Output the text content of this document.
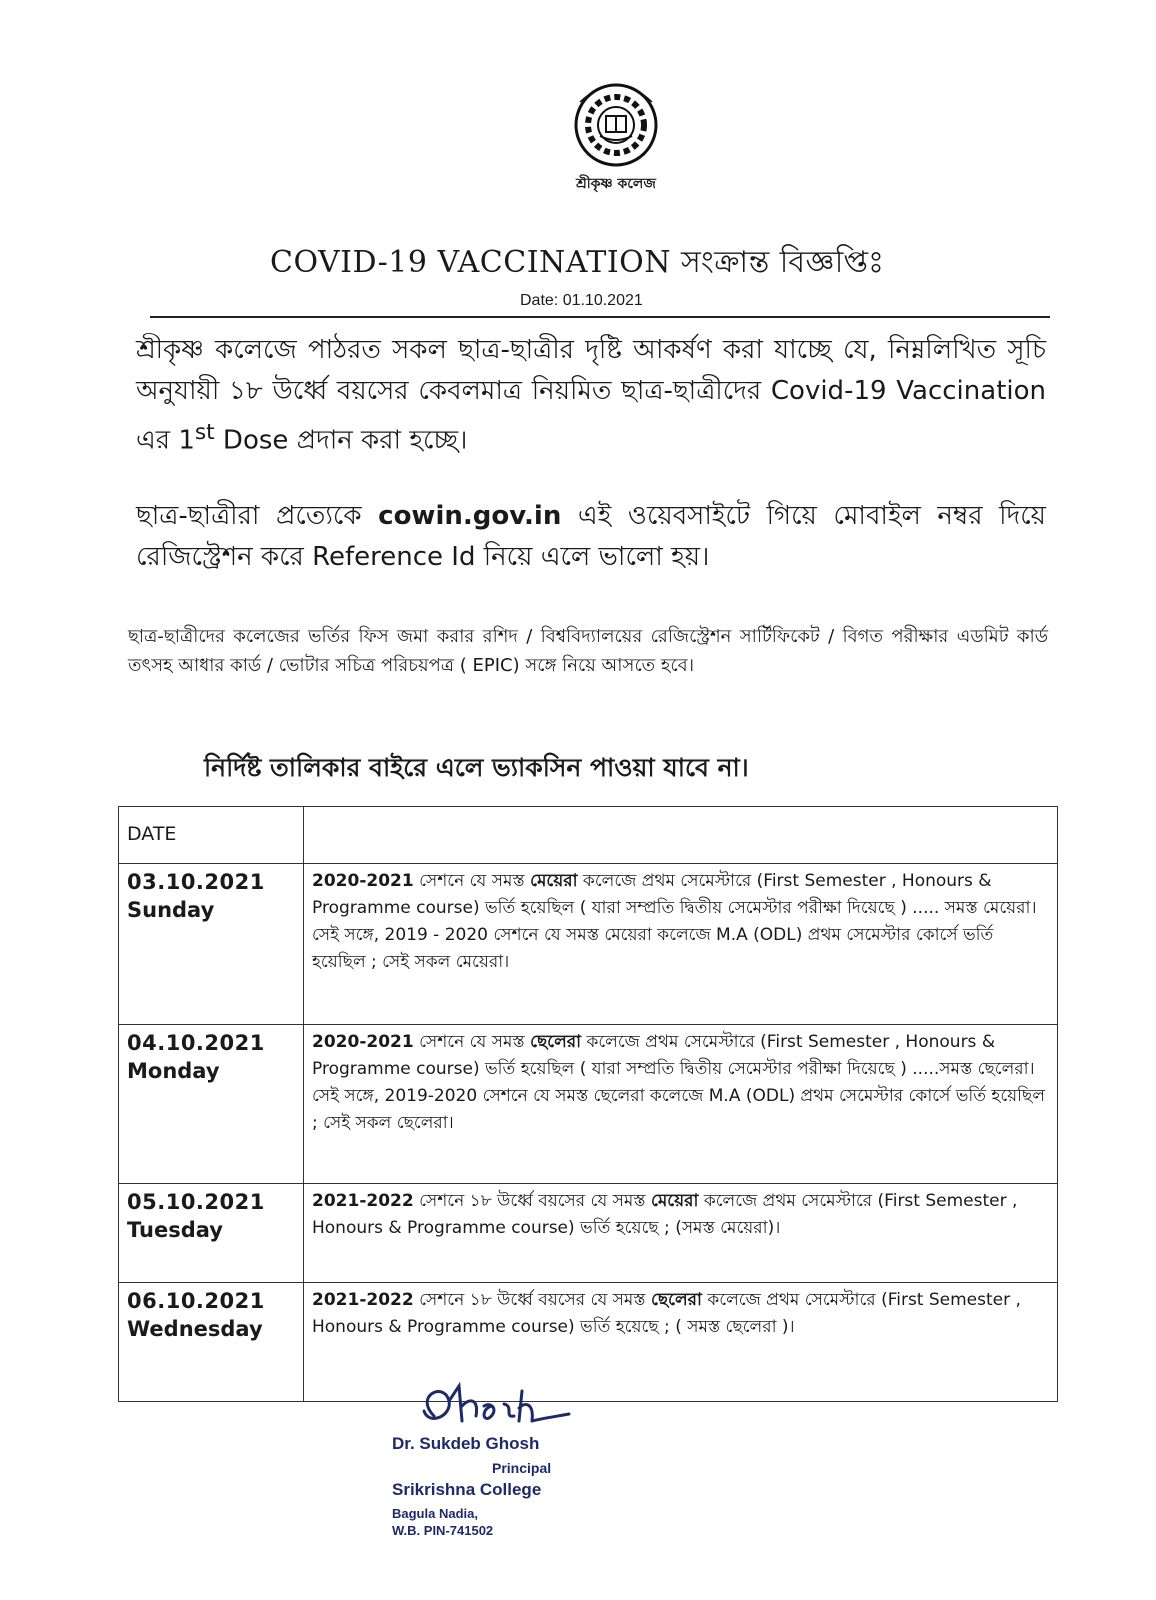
শ্রীকৃষ্ণ কলেজ
COVID-19 VACCINATION সংক্রান্ত বিজ্ঞপ্তিঃ
Date: 01.10.2021
শ্রীকৃষ্ণ কলেজে পাঠরত সকল ছাত্র-ছাত্রীর দৃষ্টি আকর্ষণ করা যাচ্ছে যে, নিম্নলিখিত সূচি অনুযায়ী ১৮ উর্ধ্বে বয়সের কেবলমাত্র নিয়মিত ছাত্র-ছাত্রীদের Covid-19 Vaccination এর 1st Dose প্রদান করা হচ্ছে।
ছাত্র-ছাত্রীরা প্রত্যেকে cowin.gov.in এই ওয়েবসাইটে গিয়ে মোবাইল নম্বর দিয়ে রেজিস্ট্রেশন করে Reference Id নিয়ে এলে ভালো হয়।
ছাত্র-ছাত্রীদের কলেজের ভর্তির ফিস জমা করার রশিদ / বিশ্ববিদ্যালয়ের রেজিস্ট্রেশন সার্টিফিকেট / বিগত পরীক্ষার এডমিট কার্ড তৎসহ আধার কার্ড / ভোটার সচিত্র পরিচয়পত্র ( EPIC) সঙ্গে নিয়ে আসতে হবে।
নির্দিষ্ট তালিকার বাইরে এলে ভ্যাকসিন পাওয়া যাবে না।
DATE	

03.10.2021
Sunday	2020-2021 সেশনে যে সমস্ত মেয়েরা কলেজে প্রথম সেমেস্টারে (First Semester , Honours & Programme course) ভর্তি হয়েছিল ( যারা সম্প্রতি দ্বিতীয় সেমেস্টার পরীক্ষা দিয়েছে ) ..... সমস্ত মেয়েরা। সেই সঙ্গে, 2019 - 2020 সেশনে যে সমস্ত মেয়েরা কলেজে M.A (ODL) প্রথম সেমেস্টার কোর্সে ভর্তি হয়েছিল ; সেই সকল মেয়েরা।

04.10.2021
Monday	2020-2021 সেশনে যে সমস্ত ছেলেরা কলেজে প্রথম সেমেস্টারে (First Semester , Honours & Programme course) ভর্তি হয়েছিল ( যারা সম্প্রতি দ্বিতীয় সেমেস্টার পরীক্ষা দিয়েছে ) .....সমস্ত ছেলেরা। সেই সঙ্গে, 2019-2020 সেশনে যে সমস্ত ছেলেরা কলেজে M.A (ODL) প্রথম সেমেস্টার কোর্সে ভর্তি হয়েছিল ; সেই সকল ছেলেরা।

05.10.2021
Tuesday	2021-2022 সেশনে ১৮ উর্ধ্বে বয়সের যে সমস্ত মেয়েরা কলেজে প্রথম সেমেস্টারে (First Semester , Honours & Programme course) ভর্তি হয়েছে ; (সমস্ত মেয়েরা)।

06.10.2021
Wednesday	2021-2022 সেশনে ১৮ উর্ধ্বে বয়সের যে সমস্ত ছেলেরা কলেজে প্রথম সেমেস্টারে (First Semester , Honours & Programme course) ভর্তি হয়েছে ; ( সমস্ত ছেলেরা )।
Dr. Sukdeb Ghosh
Principal
Srikrishna College
Bagula Nadia,
W.B. PIN-741502
